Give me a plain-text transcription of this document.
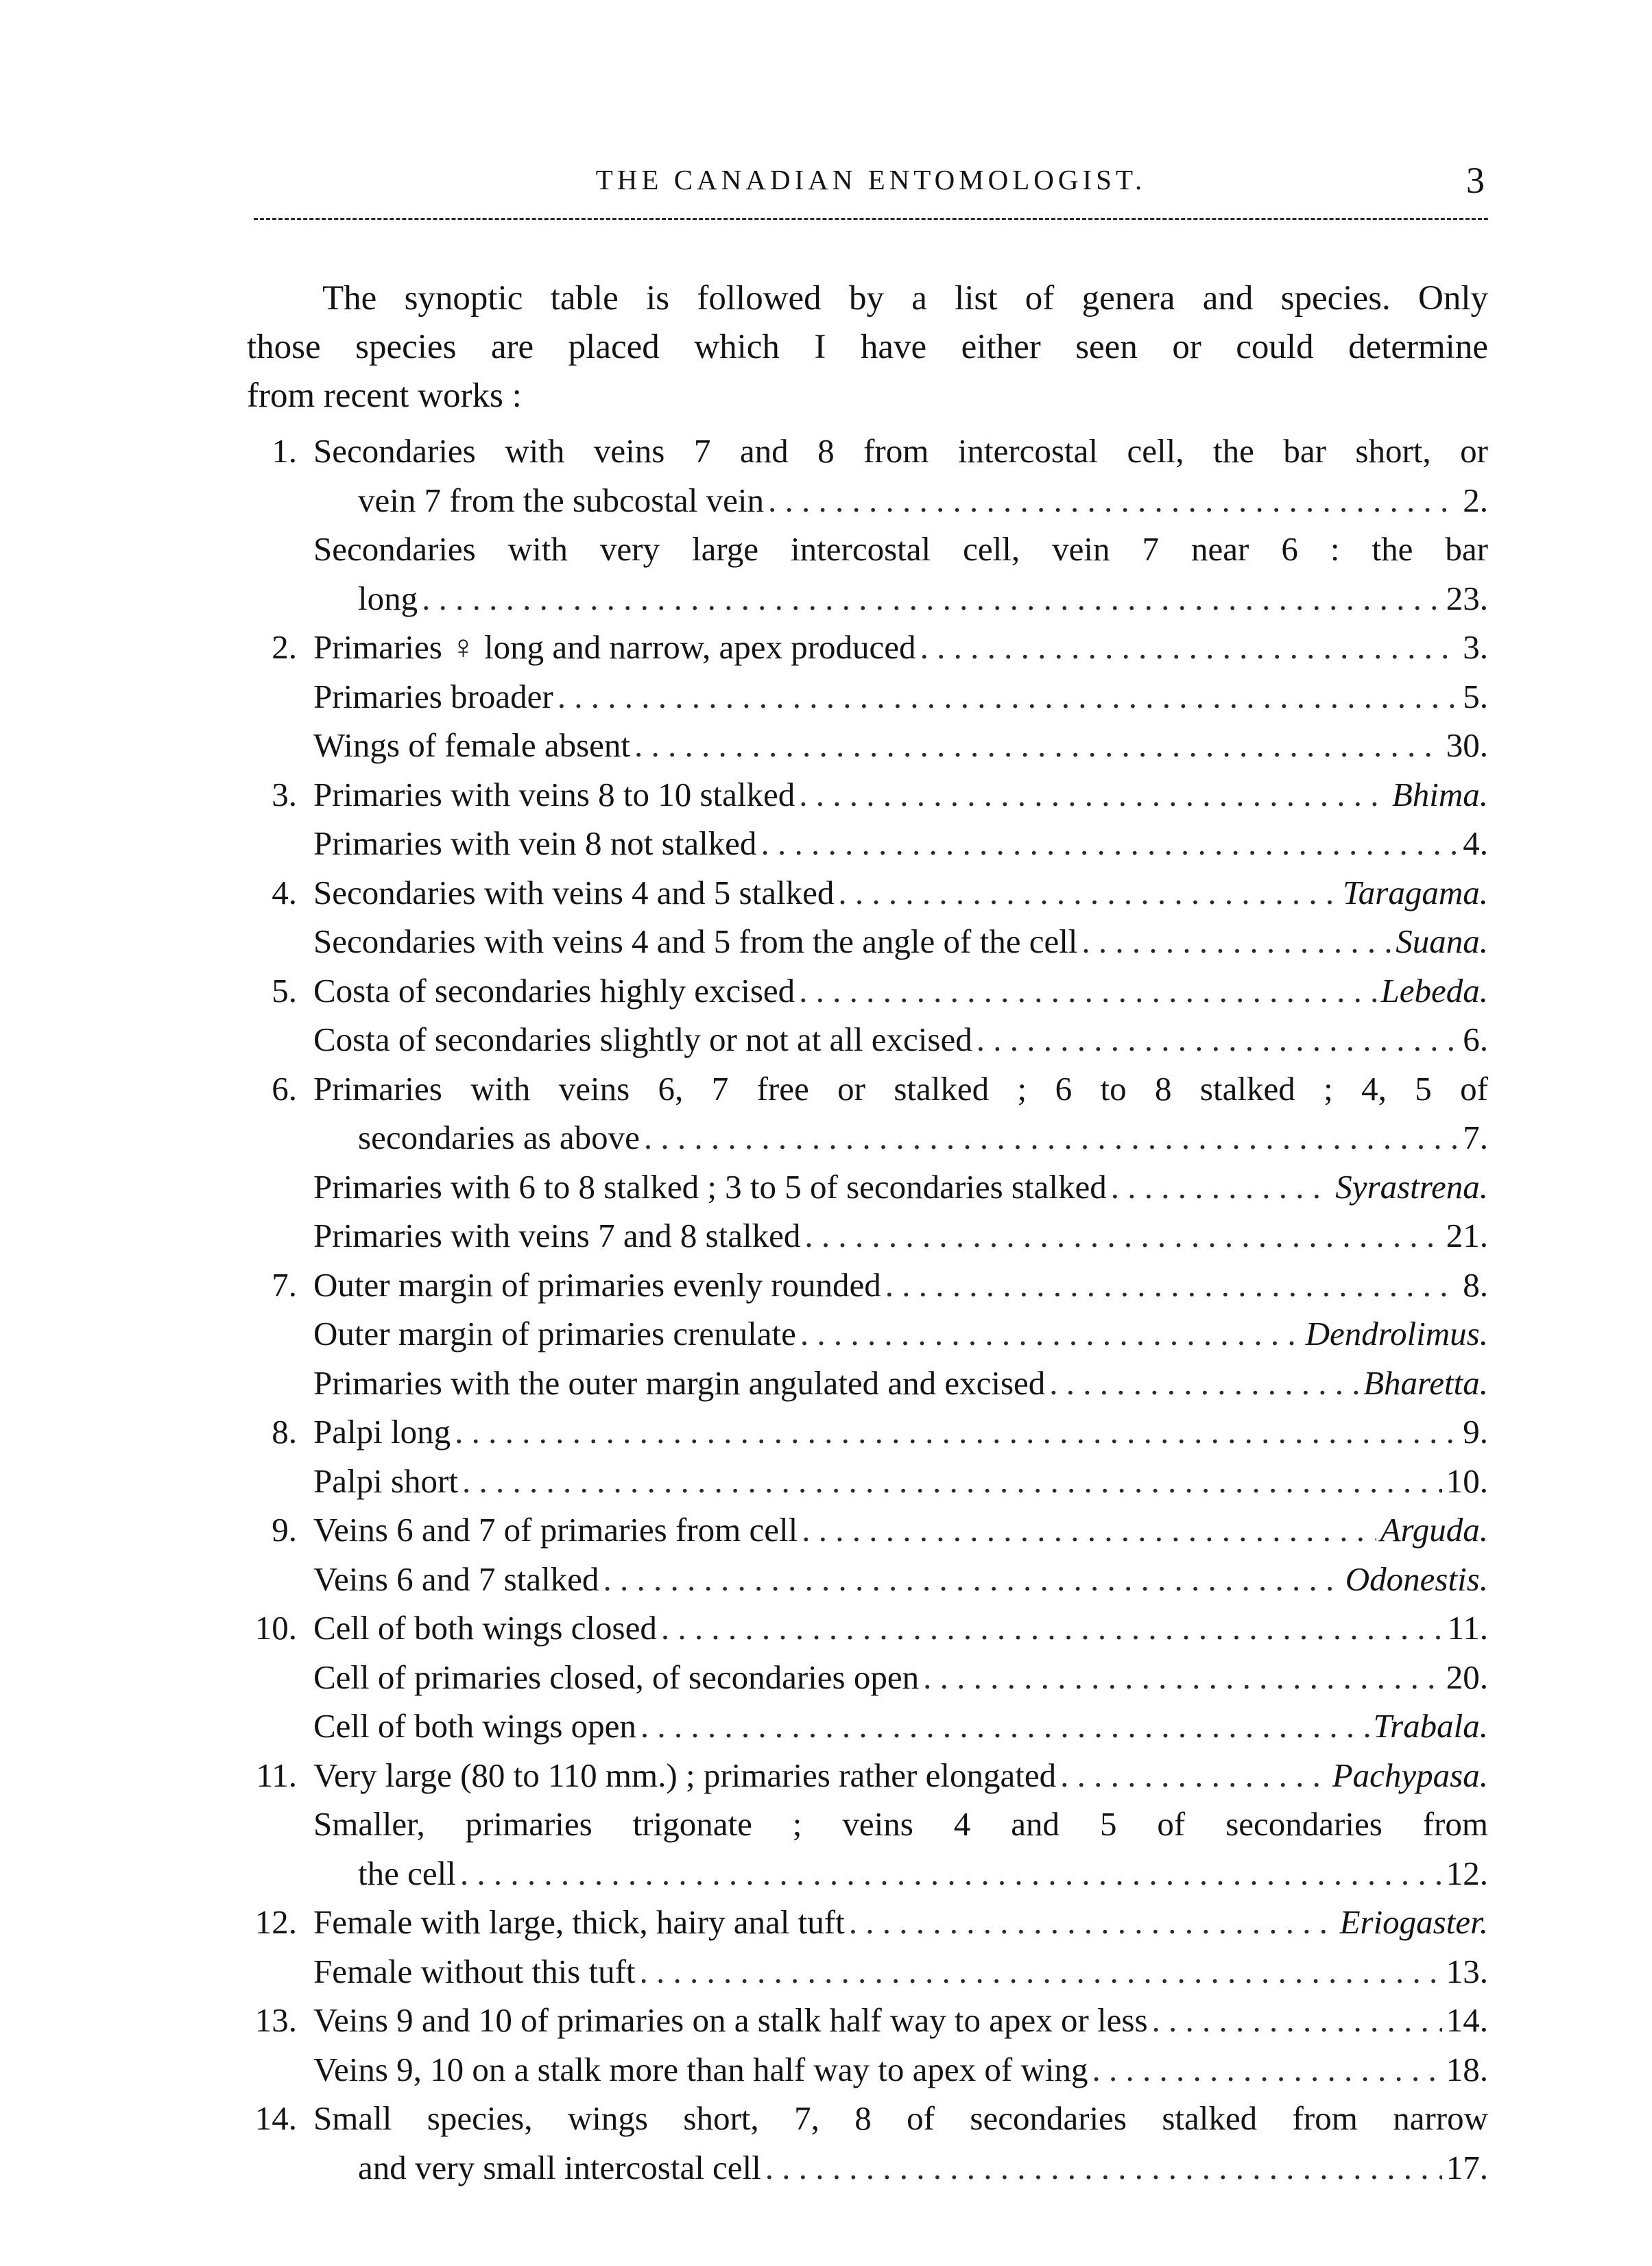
THE CANADIAN ENTOMOLOGIST.	3
The synoptic table is followed by a list of genera and species. Only
those species are placed which I have either seen or could determine
from recent works :
1. Secondaries with veins 7 and 8 from intercostal cell, the bar short, or
vein 7 from the subcostal vein . . .	2.
Secondaries with very large intercostal cell, vein 7 near 6 : the bar
long . . .	23.
2. Primaries ♀ long and narrow, apex produced . . .	3.
Primaries broader . . .	5.
Wings of female absent . . .	30.
3. Primaries with veins 8 to 10 stalked . . .	Bhima.
Primaries with vein 8 not stalked . . .	4.
4. Secondaries with veins 4 and 5 stalked . . .	Taragama.
Secondaries with veins 4 and 5 from the angle of the cell . . .	Suana.
5. Costa of secondaries highly excised . . .	Lebeda.
Costa of secondaries slightly or not at all excised . . .	6.
6. Primaries with veins 6, 7 free or stalked ; 6 to 8 stalked ; 4, 5 of
secondaries as above . . .	7.
Primaries with 6 to 8 stalked ; 3 to 5 of secondaries stalked . . .	Syrastrena.
Primaries with veins 7 and 8 stalked . . .	21.
7. Outer margin of primaries evenly rounded . . .	8.
Outer margin of primaries crenulate . . .	Dendrolimus.
Primaries with the outer margin angulated and excised . . .	Bharetta.
8. Palpi long . . .	9.
Palpi short . . .	10.
9. Veins 6 and 7 of primaries from cell . . .	Arguda.
Veins 6 and 7 stalked . . .	Odonestis.
10. Cell of both wings closed . . .	11.
Cell of primaries closed, of secondaries open . . .	20.
Cell of both wings open . . .	Trabala.
11. Very large (80 to 110 mm.) ; primaries rather elongated . . .	Pachypasa.
Smaller, primaries trigonate ; veins 4 and 5 of secondaries from
the cell . . .	12.
12. Female with large, thick, hairy anal tuft . . .	Eriogaster.
Female without this tuft . . .	13.
13. Veins 9 and 10 of primaries on a stalk half way to apex or less . . .	14.
Veins 9, 10 on a stalk more than half way to apex of wing . . .	18.
14. Small species, wings short, 7, 8 of secondaries stalked from narrow
and very small intercostal cell . . .	17.
